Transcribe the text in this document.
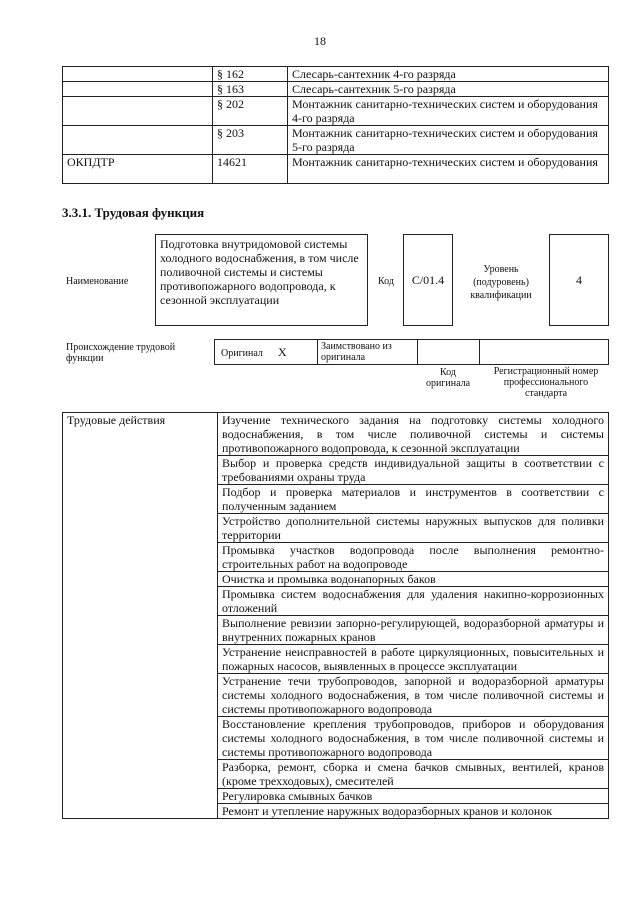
18
	§ 162	Слесарь-сантехник 4-го разряда
	§ 163	Слесарь-сантехник 5-го разряда
	§ 202	Монтажник санитарно-технических систем и оборудования 4-го разряда
	§ 203	Монтажник санитарно-технических систем и оборудования 5-го разряда
ОКПДТР	14621	Монтажник санитарно-технических систем и оборудования
3.3.1. Трудовая функция
Наименование
Подготовка внутридомовой системы холодного водоснабжения, в том числе поливочной системы и системы противопожарного водопровода, к сезонной эксплуатации
Код С/01.4
Уровень (подуровень) квалификации
4
Происхождение трудовой функции	Оригинал X	Заимствовано из оригинала
Код оригинала
Регистрационный номер профессионального стандарта
Трудовые действия	Изучение технического задания на подготовку системы холодного водоснабжения, в том числе поливочной системы и системы противопожарного водопровода, к сезонной эксплуатации
Выбор и проверка средств индивидуальной защиты в соответствии с требованиями охраны труда
Подбор и проверка материалов и инструментов в соответствии с полученным заданием
Устройство дополнительной системы наружных выпусков для поливки территории
Промывка участков водопровода после выполнения ремонтно-строительных работ на водопроводе
Очистка и промывка водонапорных баков
Промывка систем водоснабжения для удаления накипно-коррозионных отложений
Выполнение ревизии запорно-регулирующей, водоразборной арматуры и внутренних пожарных кранов
Устранение неисправностей в работе циркуляционных, повысительных и пожарных насосов, выявленных в процессе эксплуатации
Устранение течи трубопроводов, запорной и водоразборной арматуры системы холодного водоснабжения, в том числе поливочной системы и системы противопожарного водопровода
Восстановление крепления трубопроводов, приборов и оборудования системы холодного водоснабжения, в том числе поливочной системы и системы противопожарного водопровода
Разборка, ремонт, сборка и смена бачков смывных, вентилей, кранов (кроме трехходовых), смесителей
Регулировка смывных бачков
Ремонт и утепление наружных водоразборных кранов и колонок
